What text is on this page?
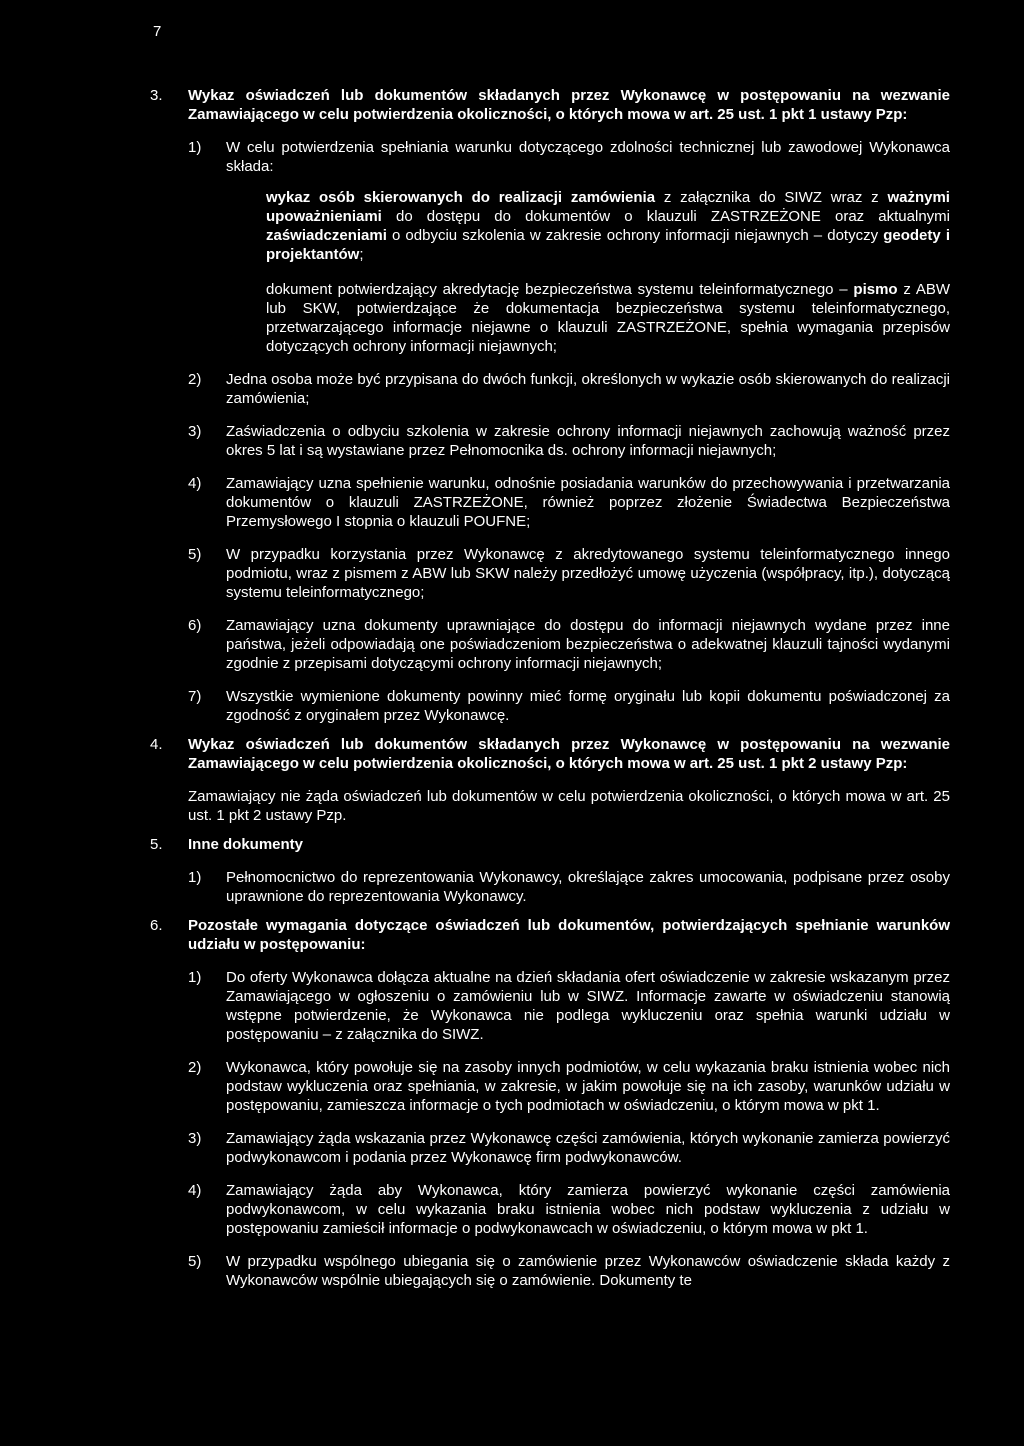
7
3. Wykaz oświadczeń lub dokumentów składanych przez Wykonawcę w postępowaniu na wezwanie Zamawiającego w celu potwierdzenia okoliczności, o których mowa w art. 25 ust. 1 pkt 1 ustawy Pzp:
1) W celu potwierdzenia spełniania warunku dotyczącego zdolności technicznej lub zawodowej Wykonawca składa:
wykaz osób skierowanych do realizacji zamówienia z załącznika do SIWZ wraz z ważnymi upoważnieniami do dostępu do dokumentów o klauzuli ZASTRZEŻONE oraz aktualnymi zaświadczeniami o odbyciu szkolenia w zakresie ochrony informacji niejawnych – dotyczy geodety i projektantów;
dokument potwierdzający akredytację bezpieczeństwa systemu teleinformatycznego – pismo z ABW lub SKW, potwierdzające że dokumentacja bezpieczeństwa systemu teleinformatycznego, przetwarzającego informacje niejawne o klauzuli ZASTRZEŻONE, spełnia wymagania przepisów dotyczących ochrony informacji niejawnych;
2) Jedna osoba może być przypisana do dwóch funkcji, określonych w wykazie osób skierowanych do realizacji zamówienia;
3) Zaświadczenia o odbyciu szkolenia w zakresie ochrony informacji niejawnych zachowują ważność przez okres 5 lat i są wystawiane przez Pełnomocnika ds. ochrony informacji niejawnych;
4) Zamawiający uzna spełnienie warunku, odnośnie posiadania warunków do przechowywania i przetwarzania dokumentów o klauzuli ZASTRZEŻONE, również poprzez złożenie Świadectwa Bezpieczeństwa Przemysłowego I stopnia o klauzuli POUFNE;
5) W przypadku korzystania przez Wykonawcę z akredytowanego systemu teleinformatycznego innego podmiotu, wraz z pismem z ABW lub SKW należy przedłożyć umowę użyczenia (współpracy, itp.), dotyczącą systemu teleinformatycznego;
6) Zamawiający uzna dokumenty uprawniające do dostępu do informacji niejawnych wydane przez inne państwa, jeżeli odpowiadają one poświadczeniom bezpieczeństwa o adekwatnej klauzuli tajności wydanymi zgodnie z przepisami dotyczącymi ochrony informacji niejawnych;
7) Wszystkie wymienione dokumenty powinny mieć formę oryginału lub kopii dokumentu poświadczonej za zgodność z oryginałem przez Wykonawcę.
4. Wykaz oświadczeń lub dokumentów składanych przez Wykonawcę w postępowaniu na wezwanie Zamawiającego w celu potwierdzenia okoliczności, o których mowa w art. 25 ust. 1 pkt 2 ustawy Pzp:
Zamawiający nie żąda oświadczeń lub dokumentów w celu potwierdzenia okoliczności, o których mowa w art. 25 ust. 1 pkt 2 ustawy Pzp.
5. Inne dokumenty
1) Pełnomocnictwo do reprezentowania Wykonawcy, określające zakres umocowania, podpisane przez osoby uprawnione do reprezentowania Wykonawcy.
6. Pozostałe wymagania dotyczące oświadczeń lub dokumentów, potwierdzających spełnianie warunków udziału w postępowaniu:
1) Do oferty Wykonawca dołącza aktualne na dzień składania ofert oświadczenie w zakresie wskazanym przez Zamawiającego w ogłoszeniu o zamówieniu lub w SIWZ. Informacje zawarte w oświadczeniu stanowią wstępne potwierdzenie, że Wykonawca nie podlega wykluczeniu oraz spełnia warunki udziału w postępowaniu – z załącznika do SIWZ.
2) Wykonawca, który powołuje się na zasoby innych podmiotów, w celu wykazania braku istnienia wobec nich podstaw wykluczenia oraz spełniania, w zakresie, w jakim powołuje się na ich zasoby, warunków udziału w postępowaniu, zamieszcza informacje o tych podmiotach w oświadczeniu, o którym mowa w pkt 1.
3) Zamawiający żąda wskazania przez Wykonawcę części zamówienia, których wykonanie zamierza powierzyć podwykonawcom i podania przez Wykonawcę firm podwykonawców.
4) Zamawiający żąda aby Wykonawca, który zamierza powierzyć wykonanie części zamówienia podwykonawcom, w celu wykazania braku istnienia wobec nich podstaw wykluczenia z udziału w postępowaniu zamieścił informacje o podwykonawcach w oświadczeniu, o którym mowa w pkt 1.
5) W przypadku wspólnego ubiegania się o zamówienie przez Wykonawców oświadczenie składa każdy z Wykonawców wspólnie ubiegających się o zamówienie. Dokumenty te
